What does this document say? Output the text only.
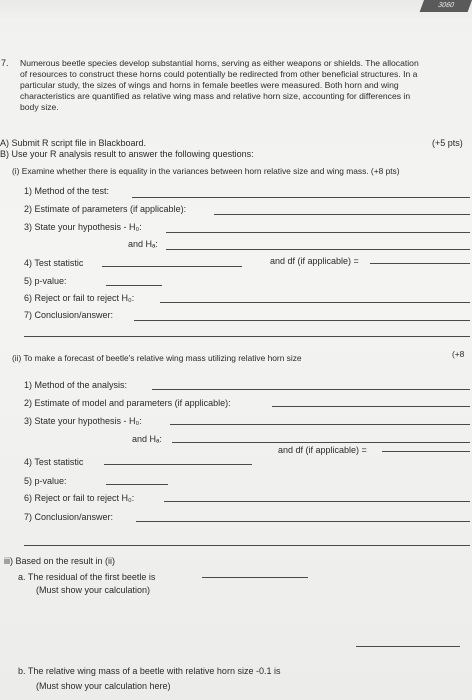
3060
7.	Numerous beetle species develop substantial horns, serving as either weapons or shields. The allocation

of resources to construct these horns could potentially be redirected from other beneficial structures. In a

particular study, the sizes of wings and horns in female beetles were measured. Both horn and wing

characteristics are quantified as relative wing mass and relative horn size, accounting for differences in

body size.

A) Submit R script file in Blackboard.	(+5 pts)
B) Use your R analysis result to answer the following questions:
(i) Examine whether there is equality in the variances between horn relative size and wing mass. (+8 pts)
1) Method of the test:
2) Estimate of parameters (if applicable):
3) State your hypothesis - H₀:
and Hₐ:
4) Test statistic	and df (if applicable) =
5) p-value:
6) Reject or fail to reject H₀:
7) Conclusion/answer:
(ii) To make a forecast of beetle's relative wing mass utilizing relative horn size	(+8
1) Method of the analysis:
2) Estimate of model and parameters (if applicable):
3) State your hypothesis - H₀:
and Hₐ:
4) Test statistic
and df (if applicable) =
5) p-value:
6) Reject or fail to reject H₀:
7) Conclusion/answer:
iii) Based on the result in (ii)
a. The residual of the first beetle is
(Must show your calculation)
b. The relative wing mass of a beetle with relative horn size -0.1 is
(Must show your calculation here)
